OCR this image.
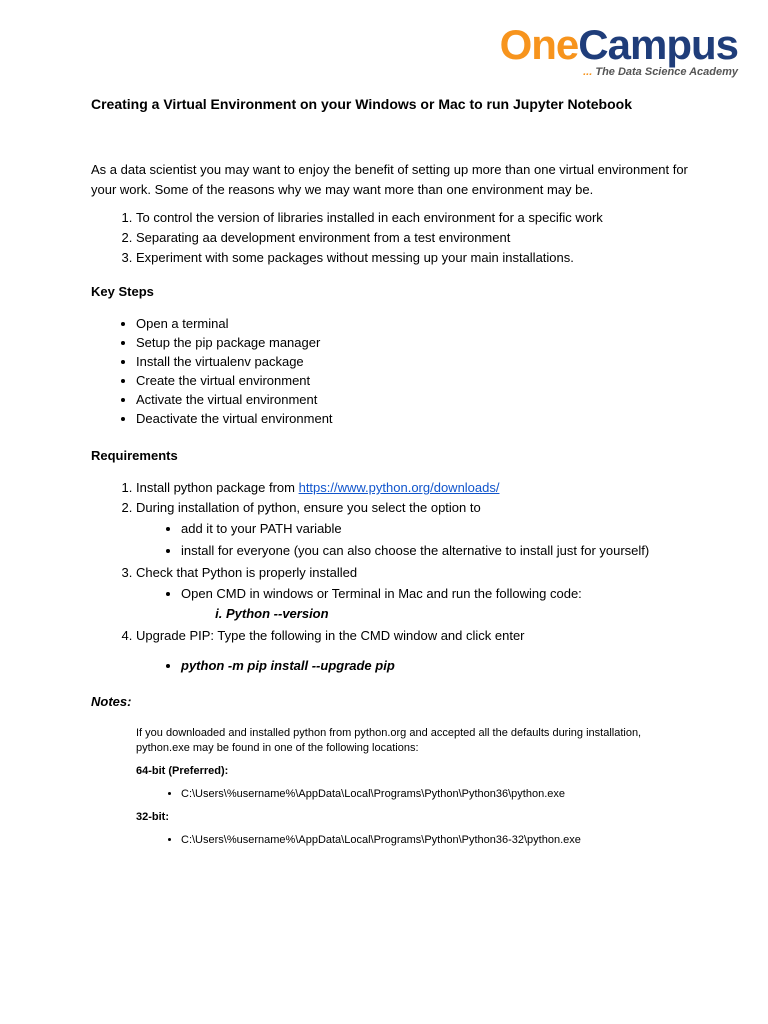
OneCampus
... The Data Science Academy
Creating a Virtual Environment on your Windows or Mac to run Jupyter Notebook

As a data scientist you may want to enjoy the benefit of setting up more than one virtual environment for your work. Some of the reasons why we may want more than one environment may be.

1. To control the version of libraries installed in each environment for a specific work
2. Separating aa development environment from a test environment
3. Experiment with some packages without messing up your main installations.

Key Steps

• Open a terminal
• Setup the pip package manager
• Install the virtualenv package
• Create the virtual environment
• Activate the virtual environment
• Deactivate the virtual environment

Requirements

1. Install python package from https://www.python.org/downloads/
2. During installation of python, ensure you select the option to
• add it to your PATH variable
• install for everyone (you can also choose the alternative to install just for yourself)
3. Check that Python is properly installed
• Open CMD in windows or Terminal in Mac and run the following code:
i. Python --version
4. Upgrade PIP: Type the following in the CMD window and click enter
• python -m pip install --upgrade pip

Notes:

If you downloaded and installed python from python.org and accepted all the defaults during installation, python.exe may be found in one of the following locations:

64-bit (Preferred):

• C:\Users\%username%\AppData\Local\Programs\Python\Python36\python.exe

32-bit:

• C:\Users\%username%\AppData\Local\Programs\Python\Python36-32\python.exe
